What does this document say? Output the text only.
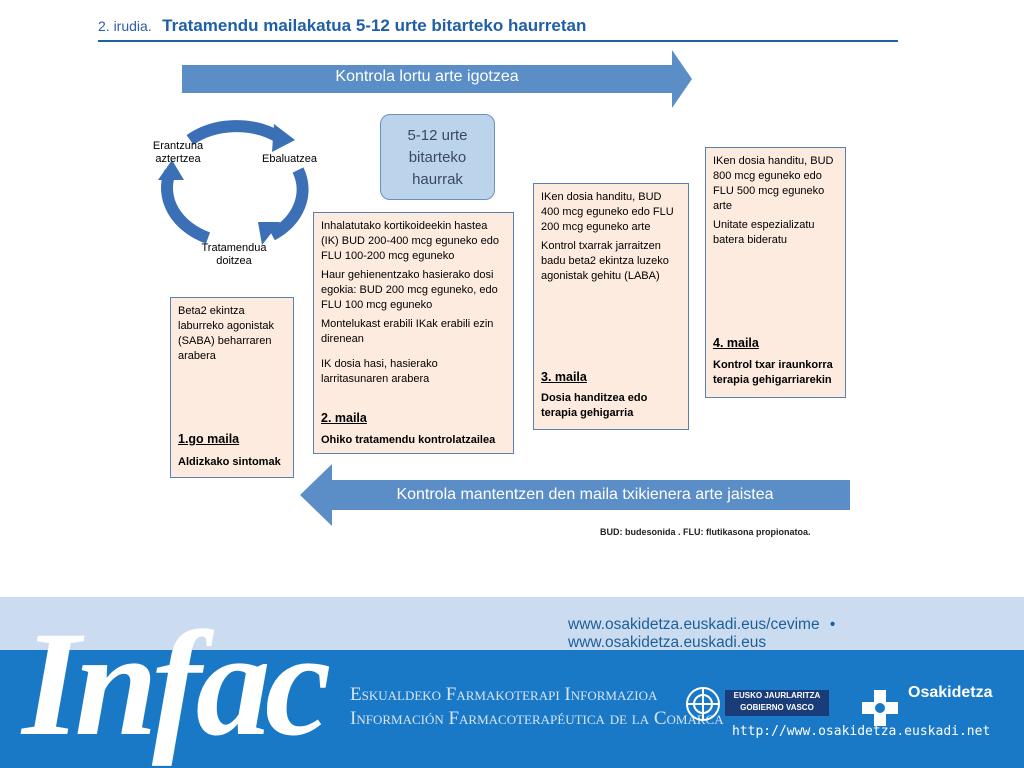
2. irudia. Tratamendu mailakatua 5-12 urte bitarteko haurretan
Kontrola lortu arte igotzea
Ebaluatzea
Tratamendua
doitzea
Erantzuna
aztertzea
5-12 urte
bitarteko
haurrak

Beta2 ekintza laburreko agonistak (SABA) beharraren arabera

1.go maila
Aldizkako sintomak

Inhalatutako kortikoideekin hastea (IK) BUD 200-400 mcg eguneko edo FLU 100-200 mcg eguneko

Haur gehienentzako hasierako dosi egokia: BUD 200 mcg eguneko, edo FLU 100 mcg eguneko

Montelukast erabili IKak erabili ezin direnean

IK dosia hasi, hasierako larritasunaren arabera

2. maila
Ohiko tratamendu kontrolatzailea

IKen dosia handitu, BUD 400 mcg eguneko edo FLU 200 mcg eguneko arte

Kontrol txarrak jarraitzen badu beta2 ekintza luzeko agonistak gehitu (LABA)

3. maila
Dosia handitzea edo terapia gehigarria

IKen dosia handitu, BUD 800 mcg eguneko edo FLU 500 mcg eguneko arte

Unitate espezializatu batera bideratu

4. maila
Kontrol txar iraunkorra terapia gehigarriarekin
Kontrola mantentzen den maila txikienera arte jaistea
BUD: budesonida . FLU: flutikasona propionatoa.
www.osakidetza.euskadi.eus/cevime • www.osakidetza.euskadi.eus
Infac Eskualdeko Farmakoterapi Informazioa
Información Farmacoterapéutica de la Comarca
EUSKO JAURLARITZA
GOBIERNO VASCO
Osakidetza
http://www.osakidetza.euskadi.net
